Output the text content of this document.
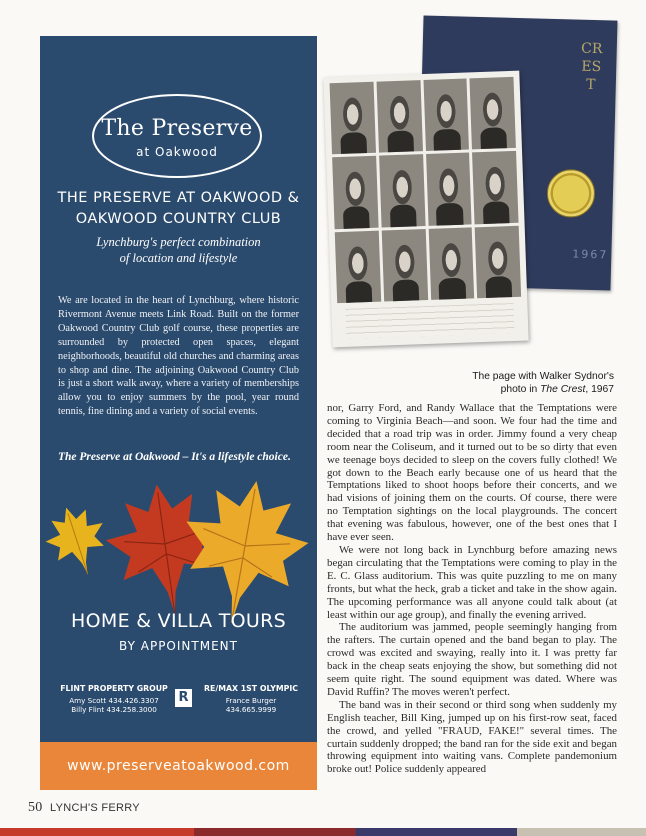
The Preserve
at Oakwood
THE PRESERVE AT OAKWOOD &
OAKWOOD COUNTRY CLUB
Lynchburg's perfect combination
of location and lifestyle
We are located in the heart of Lynchburg, where historic Rivermont Avenue meets Link Road. Built on the former Oakwood Country Club golf course, these properties are surrounded by protected open spaces, elegant neighborhoods, beautiful old churches and charming areas to shop and dine. The adjoining Oakwood Country Club is just a short walk away, where a variety of memberships allow you to enjoy summers by the pool, year round tennis, fine dining and a variety of social events.
The Preserve at Oakwood – It's a lifestyle choice.
HOME & VILLA TOURS
BY APPOINTMENT
FLINT PROPERTY GROUP
Amy Scott 434.426.3307
Billy Flint 434.258.3000
R
RE/MAX 1ST OLYMPIC
France Burger
434.665.9999
www.preserveatoakwood.com
CREST
1967
The page with Walker Sydnor's
photo in The Crest, 1967

nor, Garry Ford, and Randy Wallace that the Temptations were coming to Virginia Beach—and soon. We four had the time and decided that a road trip was in order. Jimmy found a very cheap room near the Coliseum, and it turned out to be so dirty that even we teenage boys decided to sleep on the covers fully clothed! We got down to the Beach early because one of us heard that the Temptations liked to shoot hoops before their concerts, and we had visions of joining them on the courts. Of course, there were no Temptation sightings on the local playgrounds. The concert that evening was fabulous, however, one of the best ones that I have ever seen.

We were not long back in Lynchburg before amazing news began circulating that the Temptations were coming to play in the E. C. Glass auditorium. This was quite puzzling to me on many fronts, but what the heck, grab a ticket and take in the show again. The upcoming performance was all anyone could talk about (at least within our age group), and finally the evening arrived.

The auditorium was jammed, people seemingly hanging from the rafters. The curtain opened and the band began to play. The crowd was excited and swaying, really into it. I was pretty far back in the cheap seats enjoying the show, but something did not seem quite right. The sound equipment was dated. Where was David Ruffin? The moves weren't perfect.

The band was in their second or third song when suddenly my English teacher, Bill King, jumped up on his first-row seat, faced the crowd, and yelled "FRAUD, FAKE!" several times. The curtain suddenly dropped; the band ran for the side exit and began throwing equipment into waiting vans. Complete pandemonium broke out! Police suddenly appeared

50 LYNCH'S FERRY
